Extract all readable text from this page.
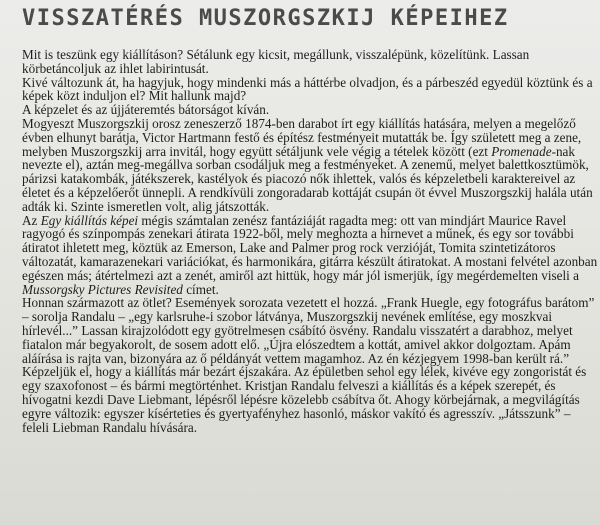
VISSZATÉRÉS MUSZORGSZKIJ KÉPEIHEZ

Mit is teszünk egy kiállításon? Sétálunk egy kicsit, megállunk, visszalépünk, közelítünk. Lassan körbetáncoljuk az ihlet labirintusát.

Kivé változunk át, ha hagyjuk, hogy mindenki más a háttérbe olvadjon, és a párbeszéd egyedül köztünk és a képek közt induljon el? Mit hallunk majd?

A képzelet és az újjáteremtés bátorságot kíván.

Mogyeszt Muszorgszkij orosz zeneszerző 1874-ben darabot írt egy kiállítás hatására, melyen a megelőző évben elhunyt barátja, Victor Hartmann festő és építész festményeit mutatták be. Így született meg a zene, melyben Muszorgszkij arra invitál, hogy együtt sétáljunk vele végig a tételek között (ezt Promenade-nak nevezte el), aztán meg-megállva sorban csodáljuk meg a festményeket. A zenemű, melyet balettkosztümök, párizsi katakombák, játékszerek, kastélyok és piacozó nők ihlettek, valós és képzeletbeli karaktereivel az életet és a képzelőerőt ünnepli. A rendkívüli zongoradarab kottáját csupán öt évvel Muszorgszkij halála után adták ki. Szinte ismeretlen volt, alig játszották.

Az Egy kiállítás képei mégis számtalan zenész fantáziáját ragadta meg: ott van mindjárt Maurice Ravel ragyogó és színpompás zenekari átirata 1922-ből, mely meghozta a hírnevet a műnek, és egy sor további átiratot ihletett meg, köztük az Emerson, Lake and Palmer prog rock verzióját, Tomita szintetizátoros változatát, kamarazenekari variációkat, és harmonikára, gitárra készült átiratokat. A mostani felvétel azonban egészen más; átértelmezi azt a zenét, amiről azt hittük, hogy már jól ismerjük, így megérdemelten viseli a Mussorgsky Pictures Revisited címet.

Honnan származott az ötlet? Események sorozata vezetett el hozzá. „Frank Huegle, egy fotográfus barátom” – sorolja Randalu – „egy karlsruhe-i szobor látványa, Muszorgszkij nevének említése, egy moszkvai hírlevél...” Lassan kirajzolódott egy gyötrelmesen csábító ösvény. Randalu visszatért a darabhoz, melyet fiatalon már begyakorolt, de sosem adott elő. „Újra elószedtem a kottát, amivel akkor dolgoztam. Apám aláírása is rajta van, bizonyára az ő példányát vettem magamhoz. Az én kézjegyem 1998-ban került rá.”

Képzeljük el, hogy a kiállítás már bezárt éjszakára. Az épületben sehol egy lélek, kivéve egy zongoristát és egy szaxofonost – és bármi megtörténhet. Kristjan Randalu felveszi a kiállítás és a képek szerepét, és hívogatni kezdi Dave Liebmant, lépésről lépésre közelebb csábítva őt. Ahogy körbejárnak, a megvilágítás egyre változik: egyszer kísérteties és gyertyafényhez hasonló, máskor vakító és agresszív. „Játsszunk” – feleli Liebman Randalu hívására.
